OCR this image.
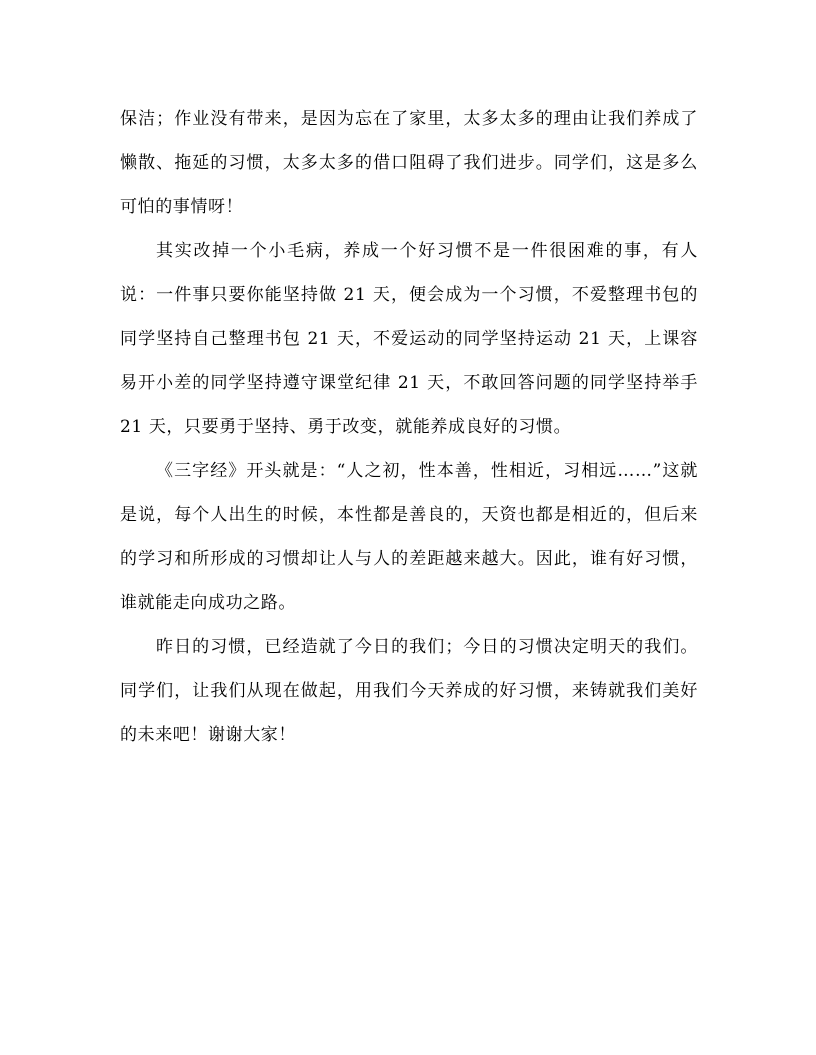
保洁；作业没有带来，是因为忘在了家里，太多太多的理由让我们养成了懒散、拖延的习惯，太多太多的借口阻碍了我们进步。同学们，这是多么可怕的事情呀！

其实改掉一个小毛病，养成一个好习惯不是一件很困难的事，有人说：一件事只要你能坚持做 21 天，便会成为一个习惯，不爱整理书包的同学坚持自己整理书包 21 天，不爱运动的同学坚持运动 21 天，上课容易开小差的同学坚持遵守课堂纪律 21 天，不敢回答问题的同学坚持举手 21 天，只要勇于坚持、勇于改变，就能养成良好的习惯。

《三字经》开头就是：“人之初，性本善，性相近，习相远……”这就是说，每个人出生的时候，本性都是善良的，天资也都是相近的，但后来的学习和所形成的习惯却让人与人的差距越来越大。因此，谁有好习惯，谁就能走向成功之路。

昨日的习惯，已经造就了今日的我们；今日的习惯决定明天的我们。同学们，让我们从现在做起，用我们今天养成的好习惯，来铸就我们美好的未来吧！谢谢大家！
